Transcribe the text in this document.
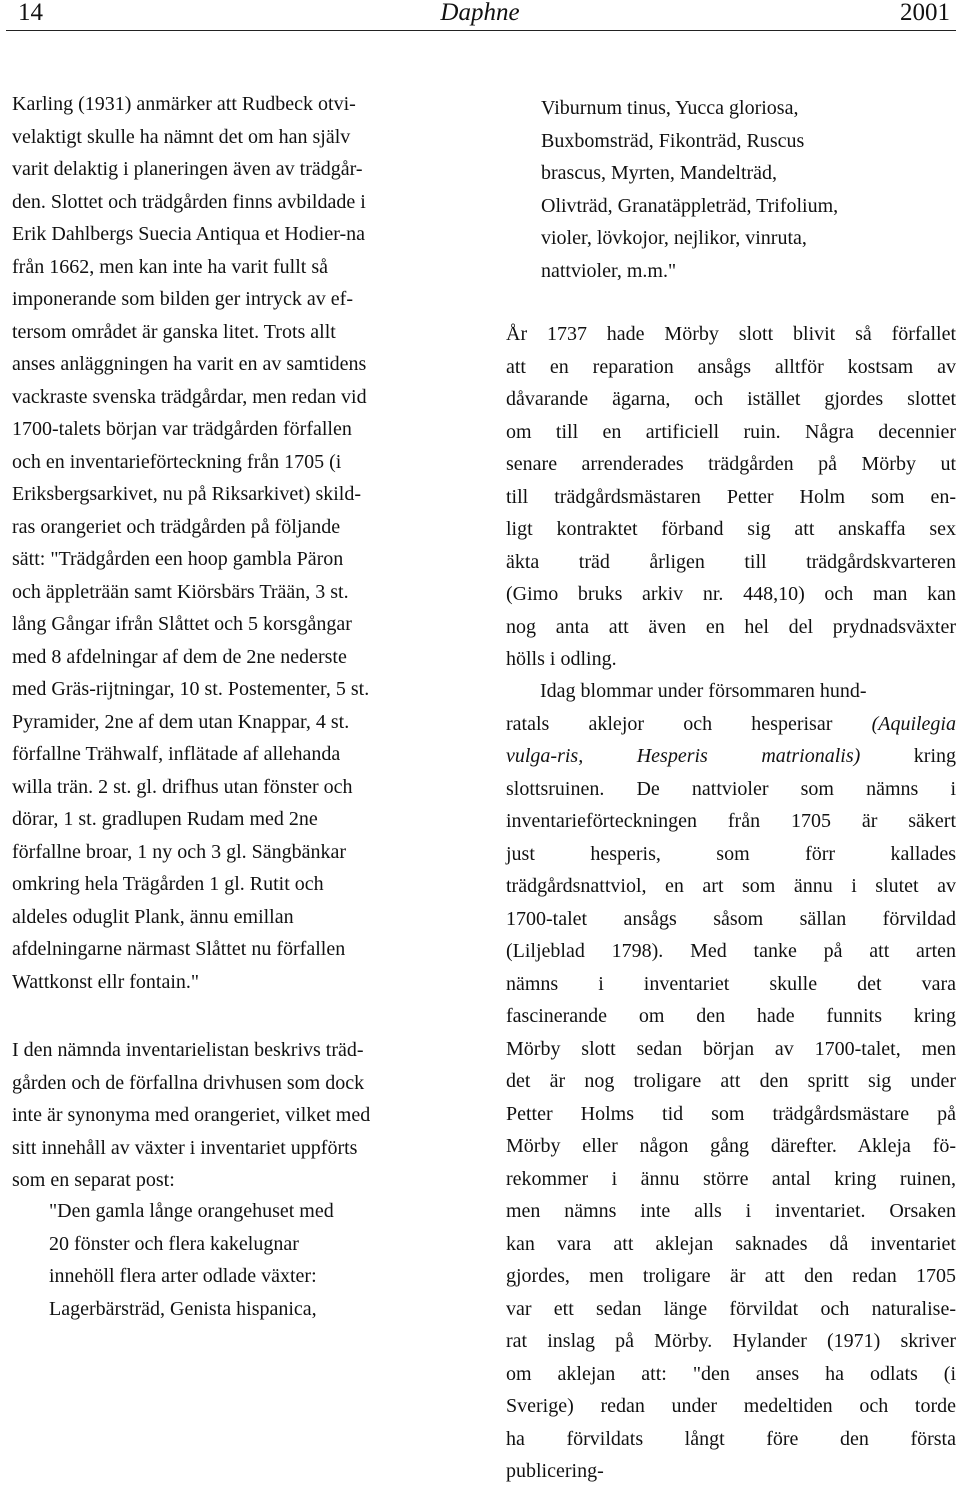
14	Daphne	2001

Karling (1931) anmärker att Rudbeck otvi-
velaktigt skulle ha nämnt det om han själv
varit delaktig i planeringen även av trädgår-
den. Slottet och trädgården finns avbildade i
Erik Dahlbergs Suecia Antiqua et Hodier-na
från 1662, men kan inte ha varit fullt så
imponerande som bilden ger intryck av ef-
tersom området är ganska litet. Trots allt
anses anläggningen ha varit en av samtidens
vackraste svenska trädgårdar, men redan vid
1700-talets början var trädgården förfallen
och en inventarieförteckning från 1705 (i
Eriksbergsarkivet, nu på Riksarkivet) skild-
ras orangeriet och trädgården på följande
sätt: "Trädgården een hoop gambla Päron
och äppleträän samt Kiörsbärs Trään, 3 st.
lång Gångar ifrån Slåttet och 5 korsgångar
med 8 afdelningar af dem de 2ne nederste
med Gräs-rijtningar, 10 st. Postementer, 5 st.
Pyramider, 2ne af dem utan Knappar, 4 st.
förfallne Trähwalf, inflätade af allehanda
willa trän. 2 st. gl. drifhus utan fönster och
dörar, 1 st. gradlupen Rudam med 2ne
förfallne broar, 1 ny och 3 gl. Sängbänkar
omkring hela Trägården 1 gl. Rutit och
aldeles oduglit Plank, ännu emillan
afdelningarne närmast Slåttet nu förfallen
Wattkonst ellr fontain."

I den nämnda inventarielistan beskrivs träd-
gården och de förfallna drivhusen som dock
inte är synonyma med orangeriet, vilket med
sitt innehåll av växter i inventariet uppförts
som en separat post:
"Den gamla långe orangehuset med
20 fönster och flera kakelugnar
innehöll flera arter odlade växter:
Lagerbärsträd, Genista hispanica,
Viburnum tinus, Yucca gloriosa,
Buxbomsträd, Fikonträd, Ruscus
brascus, Myrten, Mandelträd,
Olivträd, Granatäppleträd, Trifolium,
violer, lövkojor, nejlikor, vinruta,
nattvioler, m.m."
År 1737 hade Mörby slott blivit så förfallet
att en reparation ansågs alltför kostsam av
dåvarande ägarna, och istället gjordes slottet
om till en artificiell ruin. Några decennier
senare arrenderades trädgården på Mörby ut
till trädgårdsmästaren Petter Holm som en-
ligt kontraktet förband sig att anskaffa sex
äkta träd årligen till trädgårdskvarteren
(Gimo bruks arkiv nr. 448,10) och man kan
nog anta att även en hel del prydnadsväxter
hölls i odling.
Idag blommar under försommaren hund-
ratals aklejor och hesperisar (Aquilegia
vulga-ris, Hesperis matrionalis) kring
slottsruinen. De nattvioler som nämns i
inventarieförteckningen från 1705 är säkert
just hesperis, som förr kallades
trädgårdsnattviol, en art som ännu i slutet av
1700-talet ansågs såsom sällan förvildad
(Liljeblad 1798). Med tanke på att arten
nämns i inventariet skulle det vara
fascinerande om den hade funnits kring
Mörby slott sedan början av 1700-talet, men
det är nog troligare att den spritt sig under
Petter Holms tid som trädgårdsmästare på
Mörby eller någon gång därefter. Akleja fö-
rekommer i ännu större antal kring ruinen,
men nämns inte alls i inventariet. Orsaken
kan vara att aklejan saknades då inventariet
gjordes, men troligare är att den redan 1705
var ett sedan länge förvildat och naturalise-
rat inslag på Mörby. Hylander (1971) skriver
om aklejan att: "den anses ha odlats (i
Sverige) redan under medeltiden och torde
ha förvildats långt före den första
publicering-
